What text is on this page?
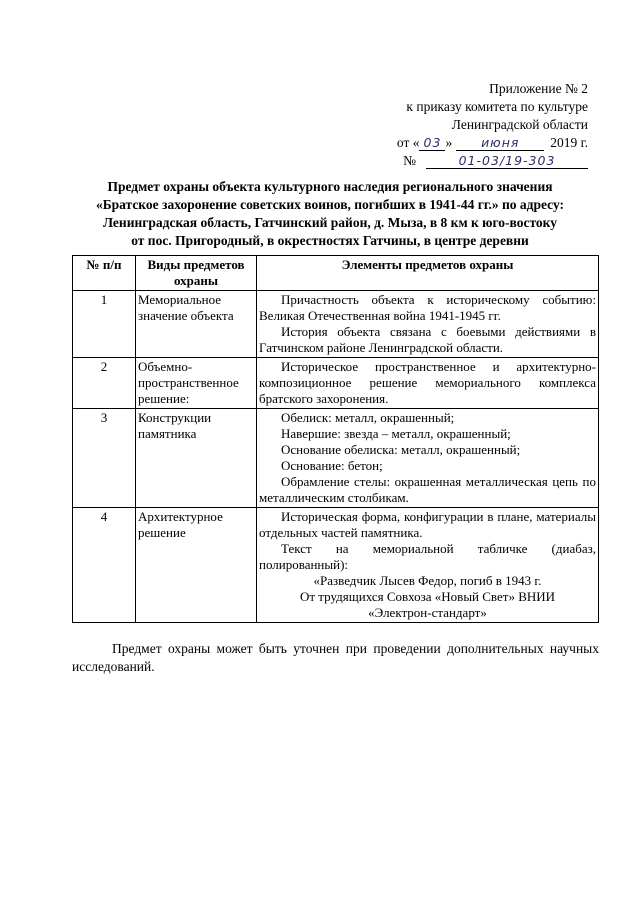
Приложение № 2
к приказу комитета по культуре
Ленинградской области
от « 03 »	июня	2019 г.
№	01-03/19-303
Предмет охраны объекта культурного наследия регионального значения
«Братское захоронение советских воинов, погибших в 1941-44 гг.» по адресу:
Ленинградская область, Гатчинский район, д. Мыза, в 8 км к юго-востоку
от пос. Пригородный, в окрестностях Гатчины, в центре деревни
№ п/п	Виды предметов охраны	Элементы предметов охраны
1	Мемориальное значение объекта	Причастность объекта к историческому событию: Великая Отечественная война 1941-1945 гг.
История объекта связана с боевыми действиями в Гатчинском районе Ленинградской области.

2	Объемно-пространственное решение:	Историческое пространственное и архитектурно-композиционное решение мемориального комплекса братского захоронения.

3	Конструкции памятника	Обелиск: металл, окрашенный;
Навершие: звезда – металл, окрашенный;
Основание обелиска: металл, окрашенный;
Основание: бетон;
Обрамление стелы: окрашенная металлическая цепь по металлическим столбикам.

4	Архитектурное решение	Историческая форма, конфигурации в плане, материалы отдельных частей памятника.
Текст на мемориальной табличке (диабаз, полированный):
«Разведчик Лысев Федор, погиб в 1943 г.
От трудящихся Совхоза «Новый Свет» ВНИИ
«Электрон-стандарт»
Предмет охраны может быть уточнен при проведении дополнительных научных исследований.
